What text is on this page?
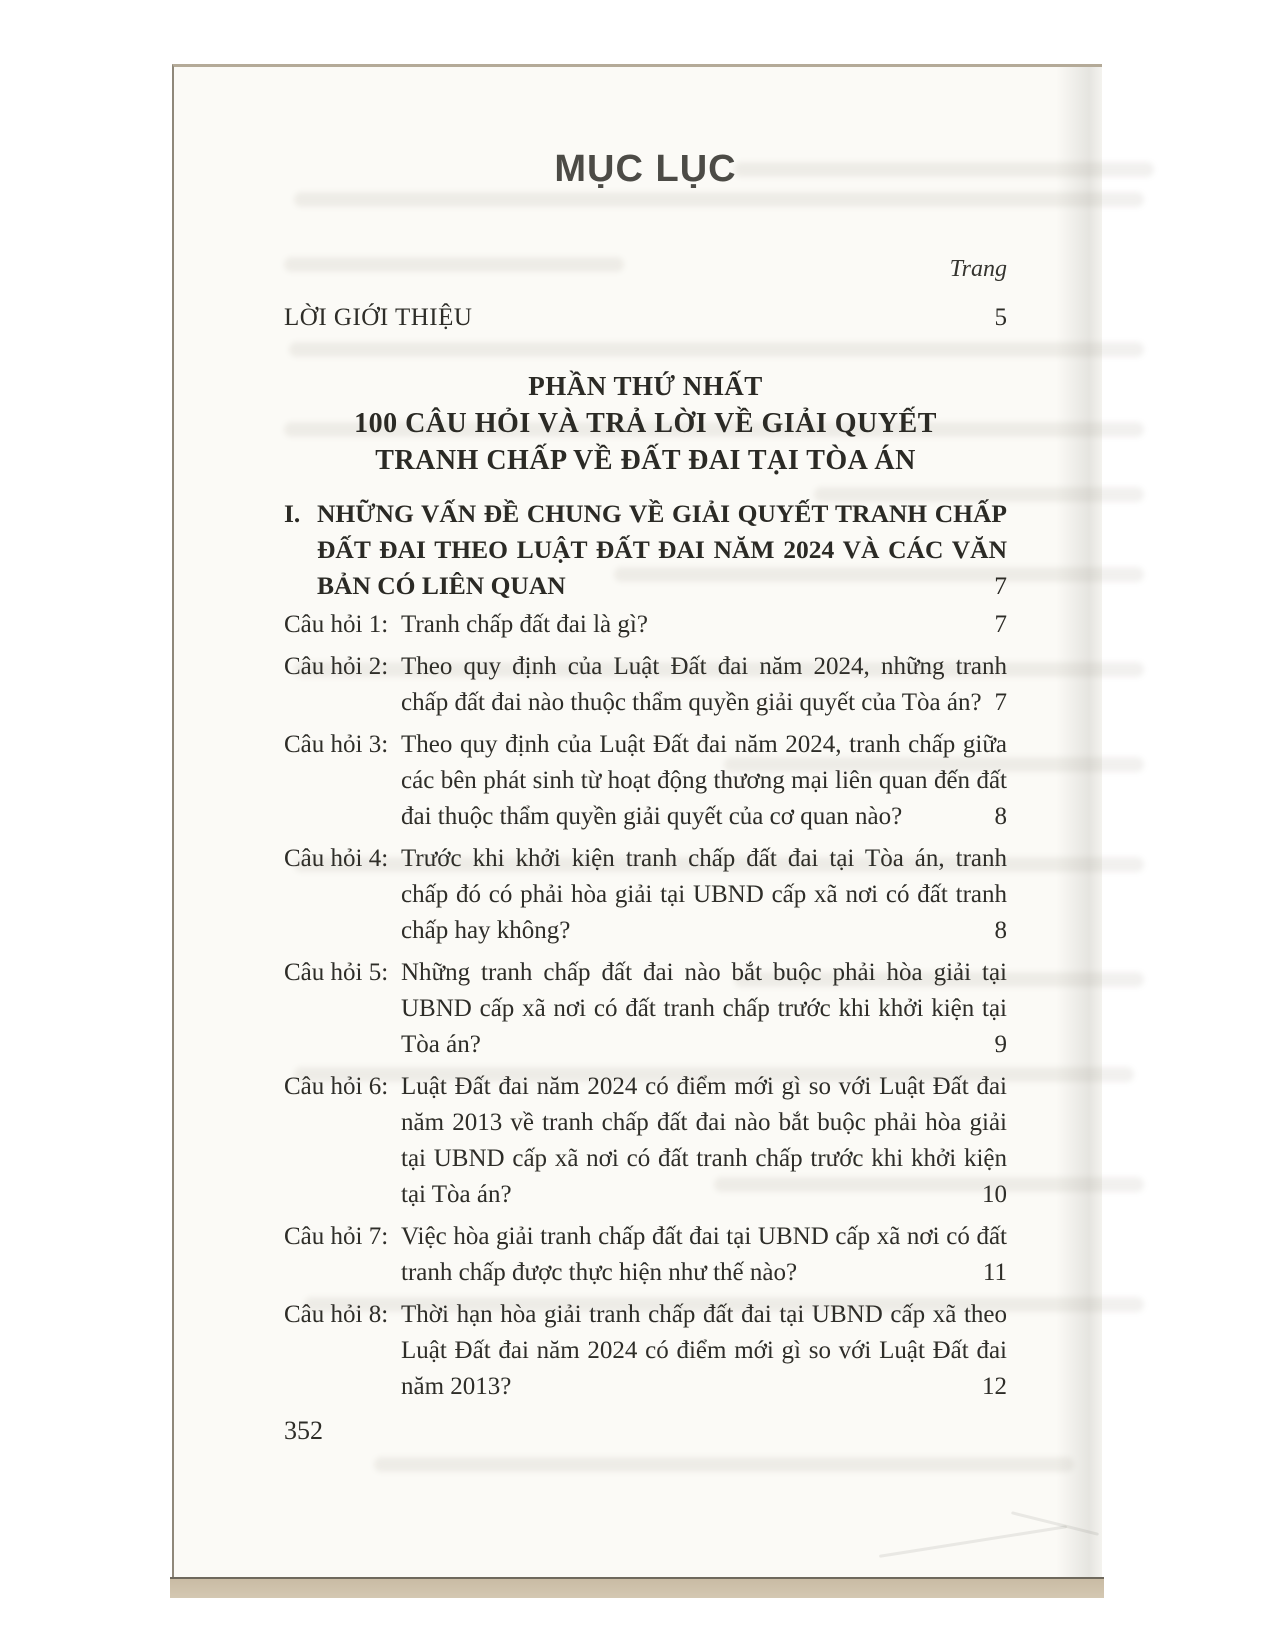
MỤC LỤC
Trang
LỜI GIỚI THIỆU	5
PHẦN THỨ NHẤT
100 CÂU HỎI VÀ TRẢ LỜI VỀ GIẢI QUYẾT
TRANH CHẤP VỀ ĐẤT ĐAI TẠI TÒA ÁN
I. NHỮNG VẤN ĐỀ CHUNG VỀ GIẢI QUYẾT TRANH CHẤP ĐẤT ĐAI THEO LUẬT ĐẤT ĐAI NĂM 2024 VÀ CÁC VĂN BẢN CÓ LIÊN QUAN	7
Câu hỏi 1: Tranh chấp đất đai là gì?	7
Câu hỏi 2: Theo quy định của Luật Đất đai năm 2024, những tranh chấp đất đai nào thuộc thẩm quyền giải quyết của Tòa án? 7
Câu hỏi 3: Theo quy định của Luật Đất đai năm 2024, tranh chấp giữa các bên phát sinh từ hoạt động thương mại liên quan đến đất đai thuộc thẩm quyền giải quyết của cơ quan nào?	8
Câu hỏi 4: Trước khi khởi kiện tranh chấp đất đai tại Tòa án, tranh chấp đó có phải hòa giải tại UBND cấp xã nơi có đất tranh chấp hay không?	8
Câu hỏi 5: Những tranh chấp đất đai nào bắt buộc phải hòa giải tại UBND cấp xã nơi có đất tranh chấp trước khi khởi kiện tại Tòa án?	9
Câu hỏi 6: Luật Đất đai năm 2024 có điểm mới gì so với Luật Đất đai năm 2013 về tranh chấp đất đai nào bắt buộc phải hòa giải tại UBND cấp xã nơi có đất tranh chấp trước khi khởi kiện tại Tòa án?	10
Câu hỏi 7: Việc hòa giải tranh chấp đất đai tại UBND cấp xã nơi có đất tranh chấp được thực hiện như thế nào?	11
Câu hỏi 8: Thời hạn hòa giải tranh chấp đất đai tại UBND cấp xã theo Luật Đất đai năm 2024 có điểm mới gì so với Luật Đất đai năm 2013?	12
352
